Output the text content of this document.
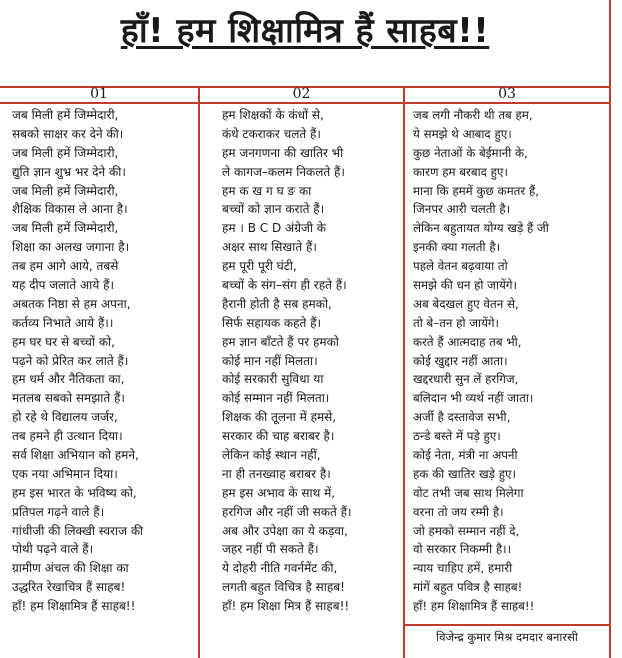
हाँ! हम शिक्षामित्र हैं साहब!!
01	02	03
जब मिली हमें जिम्मेदारी,
सबको साक्षर कर देने की।
जब मिली हमें जिम्मेदारी,
द्युति ज्ञान शुभ्र भर देने की।
जब मिली हमें जिम्मेदारी,
शैक्षिक विकास ले आना है।
जब मिली हमें जिम्मेदारी,
शिक्षा का अलख जगाना है।
तब हम आगे आये, तबसे
यह दीप जलाते आये हैं।
अबतक निष्ठा से हम अपना,
कर्तव्य निभाते आये हैं।।
हम घर घर से बच्चों को,
पढ़ने को प्रेरित कर लाते हैं।
हम धर्म और नैतिकता का,
मतलब सबको समझाते हैं।
हो रहे थे विद्यालय जर्जर,
तब हमने ही उत्थान दिया।
सर्व शिक्षा अभियान को हमने,
एक नया अभिमान दिया।
हम इस भारत के भविष्य को,
प्रतिपल गढ़ने वाले हैं।
गांधीजी की लिक्खी स्वराज की
पोथी पढ़ने वाले हैं।
ग्रामीण अंचल की शिक्षा का
उद्धरित रेखाचित्र हैं साहब!
हाँ! हम शिक्षामित्र हैं साहब!!
हम शिक्षकों के कंधों से,
कंधे टकराकर चलते हैं।
हम जनगणना की खातिर भी
ले कागज–कलम निकलते हैं।
हम क ख ग घ ङ का
बच्चों को ज्ञान कराते हैं।
हम । B C D अंग्रेजी के
अक्षर साथ सिखाते हैं।
हम पूरी पूरी घंटी,
बच्चों के संग–संग ही रहते हैं।
हैरानी होती है सब हमको,
सिर्फ सहायक कहते हैं।
हम ज्ञान बाँटते हैं पर हमको
कोई मान नहीं मिलता।
कोई सरकारी सुविधा या
कोई सम्मान नहीं मिलता।
शिक्षक की तूलना में हमसे,
सरकार की चाह बराबर है।
लेकिन कोई स्थान नहीं,
ना ही तनख्वाह बराबर है।
हम इस अभाव के साथ में,
हरगिज और नहीं जी सकते हैं।
अब और उपेक्षा का ये कड़वा,
जहर नहीं पी सकते हैं।
ये दोहरी नीति गवर्नमेंट की,
लगती बहुत विचित्र है साहब!
हाँ! हम शिक्षा मित्र हैं साहब!!
जब लगी नौकरी थी तब हम,
ये समझे थे आबाद हुए।
कुछ नेताओं के बेईमानी के,
कारण हम बरबाद हुए।
माना कि हममें कुछ कमतर हैं,
जिनपर आरी चलती है।
लेकिन बहुतायत योग्य खड़े हैं जी
इनकी क्या गलती है।
पहले वेतन बढ़वाया तो
समझे की धन हो जायेंगे।
अब बेदखल हुए वेतन से,
तो बे–तन हो जायेंगे।
करते हैं आत्मदाह तब भी,
कोई खुद्दार नहीं आता।
खद्दरधारी सुन लें हरगिज,
बलिदान भी व्यर्थ नहीं जाता।
अर्जी है दस्तावेज सभी,
ठन्डे बस्ते में पड़े हुए।
कोई नेता, मंत्री ना अपनी
हक की खातिर खड़े हुए।
वोट तभी जब साथ मिलेगा
वरना तो जय रम्मी है।
जो हमको सम्मान नहीं दे,
वो सरकार निकम्मी है।।
न्याय चाहिए हमें, हमारी
मांगें बहुत पवित्र है साहब!
हाँ! हम शिक्षामित्र हैं साहब!!
विजेन्द्र कुमार मिश्र दमदार बनारसी
